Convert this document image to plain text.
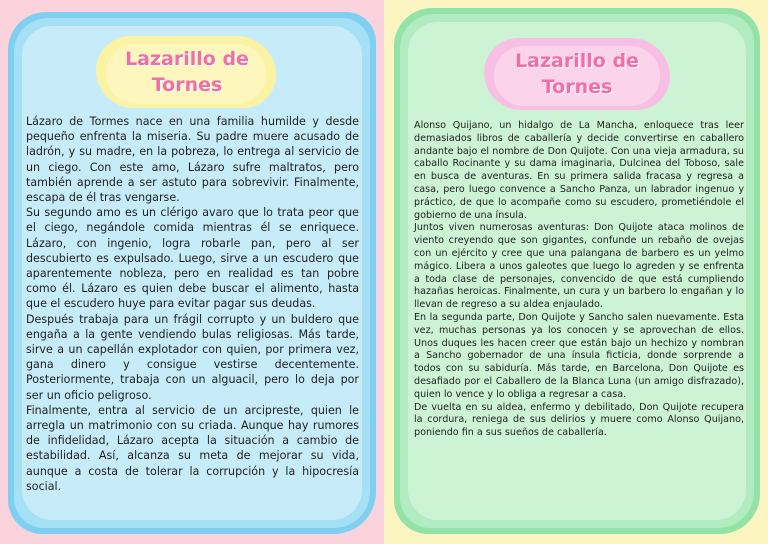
Lazarillo de
Tornes

Lázaro de Tormes nace en una familia humilde y desde pequeño enfrenta la miseria. Su padre muere acusado de ladrón, y su madre, en la pobreza, lo entrega al servicio de un ciego. Con este amo, Lázaro sufre maltratos, pero también aprende a ser astuto para sobrevivir. Finalmente, escapa de él tras vengarse.

Su segundo amo es un clérigo avaro que lo trata peor que el ciego, negándole comida mientras él se enriquece. Lázaro, con ingenio, logra robarle pan, pero al ser descubierto es expulsado. Luego, sirve a un escudero que aparentemente nobleza, pero en realidad es tan pobre como él. Lázaro es quien debe buscar el alimento, hasta que el escudero huye para evitar pagar sus deudas.

Después trabaja para un frágil corrupto y un buldero que engaña a la gente vendiendo bulas religiosas. Más tarde, sirve a un capellán explotador con quien, por primera vez, gana dinero y consigue vestirse decentemente. Posteriormente, trabaja con un alguacil, pero lo deja por ser un oficio peligroso.

Finalmente, entra al servicio de un arcipreste, quien le arregla un matrimonio con su criada. Aunque hay rumores de infidelidad, Lázaro acepta la situación a cambio de estabilidad. Así, alcanza su meta de mejorar su vida, aunque a costa de tolerar la corrupción y la hipocresía social.

Lazarillo de
Tornes

Alonso Quijano, un hidalgo de La Mancha, enloquece tras leer demasiados libros de caballería y decide convertirse en caballero andante bajo el nombre de Don Quijote. Con una vieja armadura, su caballo Rocinante y su dama imaginaria, Dulcinea del Toboso, sale en busca de aventuras. En su primera salida fracasa y regresa a casa, pero luego convence a Sancho Panza, un labrador ingenuo y práctico, de que lo acompañe como su escudero, prometiéndole el gobierno de una ínsula.

Juntos viven numerosas aventuras: Don Quijote ataca molinos de viento creyendo que son gigantes, confunde un rebaño de ovejas con un ejército y cree que una palangana de barbero es un yelmo mágico. Libera a unos galeotes que luego lo agreden y se enfrenta a toda clase de personajes, convencido de que está cumpliendo hazañas heroicas. Finalmente, un cura y un barbero lo engañan y lo llevan de regreso a su aldea enjaulado.

En la segunda parte, Don Quijote y Sancho salen nuevamente. Esta vez, muchas personas ya los conocen y se aprovechan de ellos. Unos duques les hacen creer que están bajo un hechizo y nombran a Sancho gobernador de una ínsula ficticia, donde sorprende a todos con su sabiduría. Más tarde, en Barcelona, Don Quijote es desafiado por el Caballero de la Blanca Luna (un amigo disfrazado), quien lo vence y lo obliga a regresar a casa.

De vuelta en su aldea, enfermo y debilitado, Don Quijote recupera la cordura, reniega de sus delirios y muere como Alonso Quijano, poniendo fin a sus sueños de caballería.
